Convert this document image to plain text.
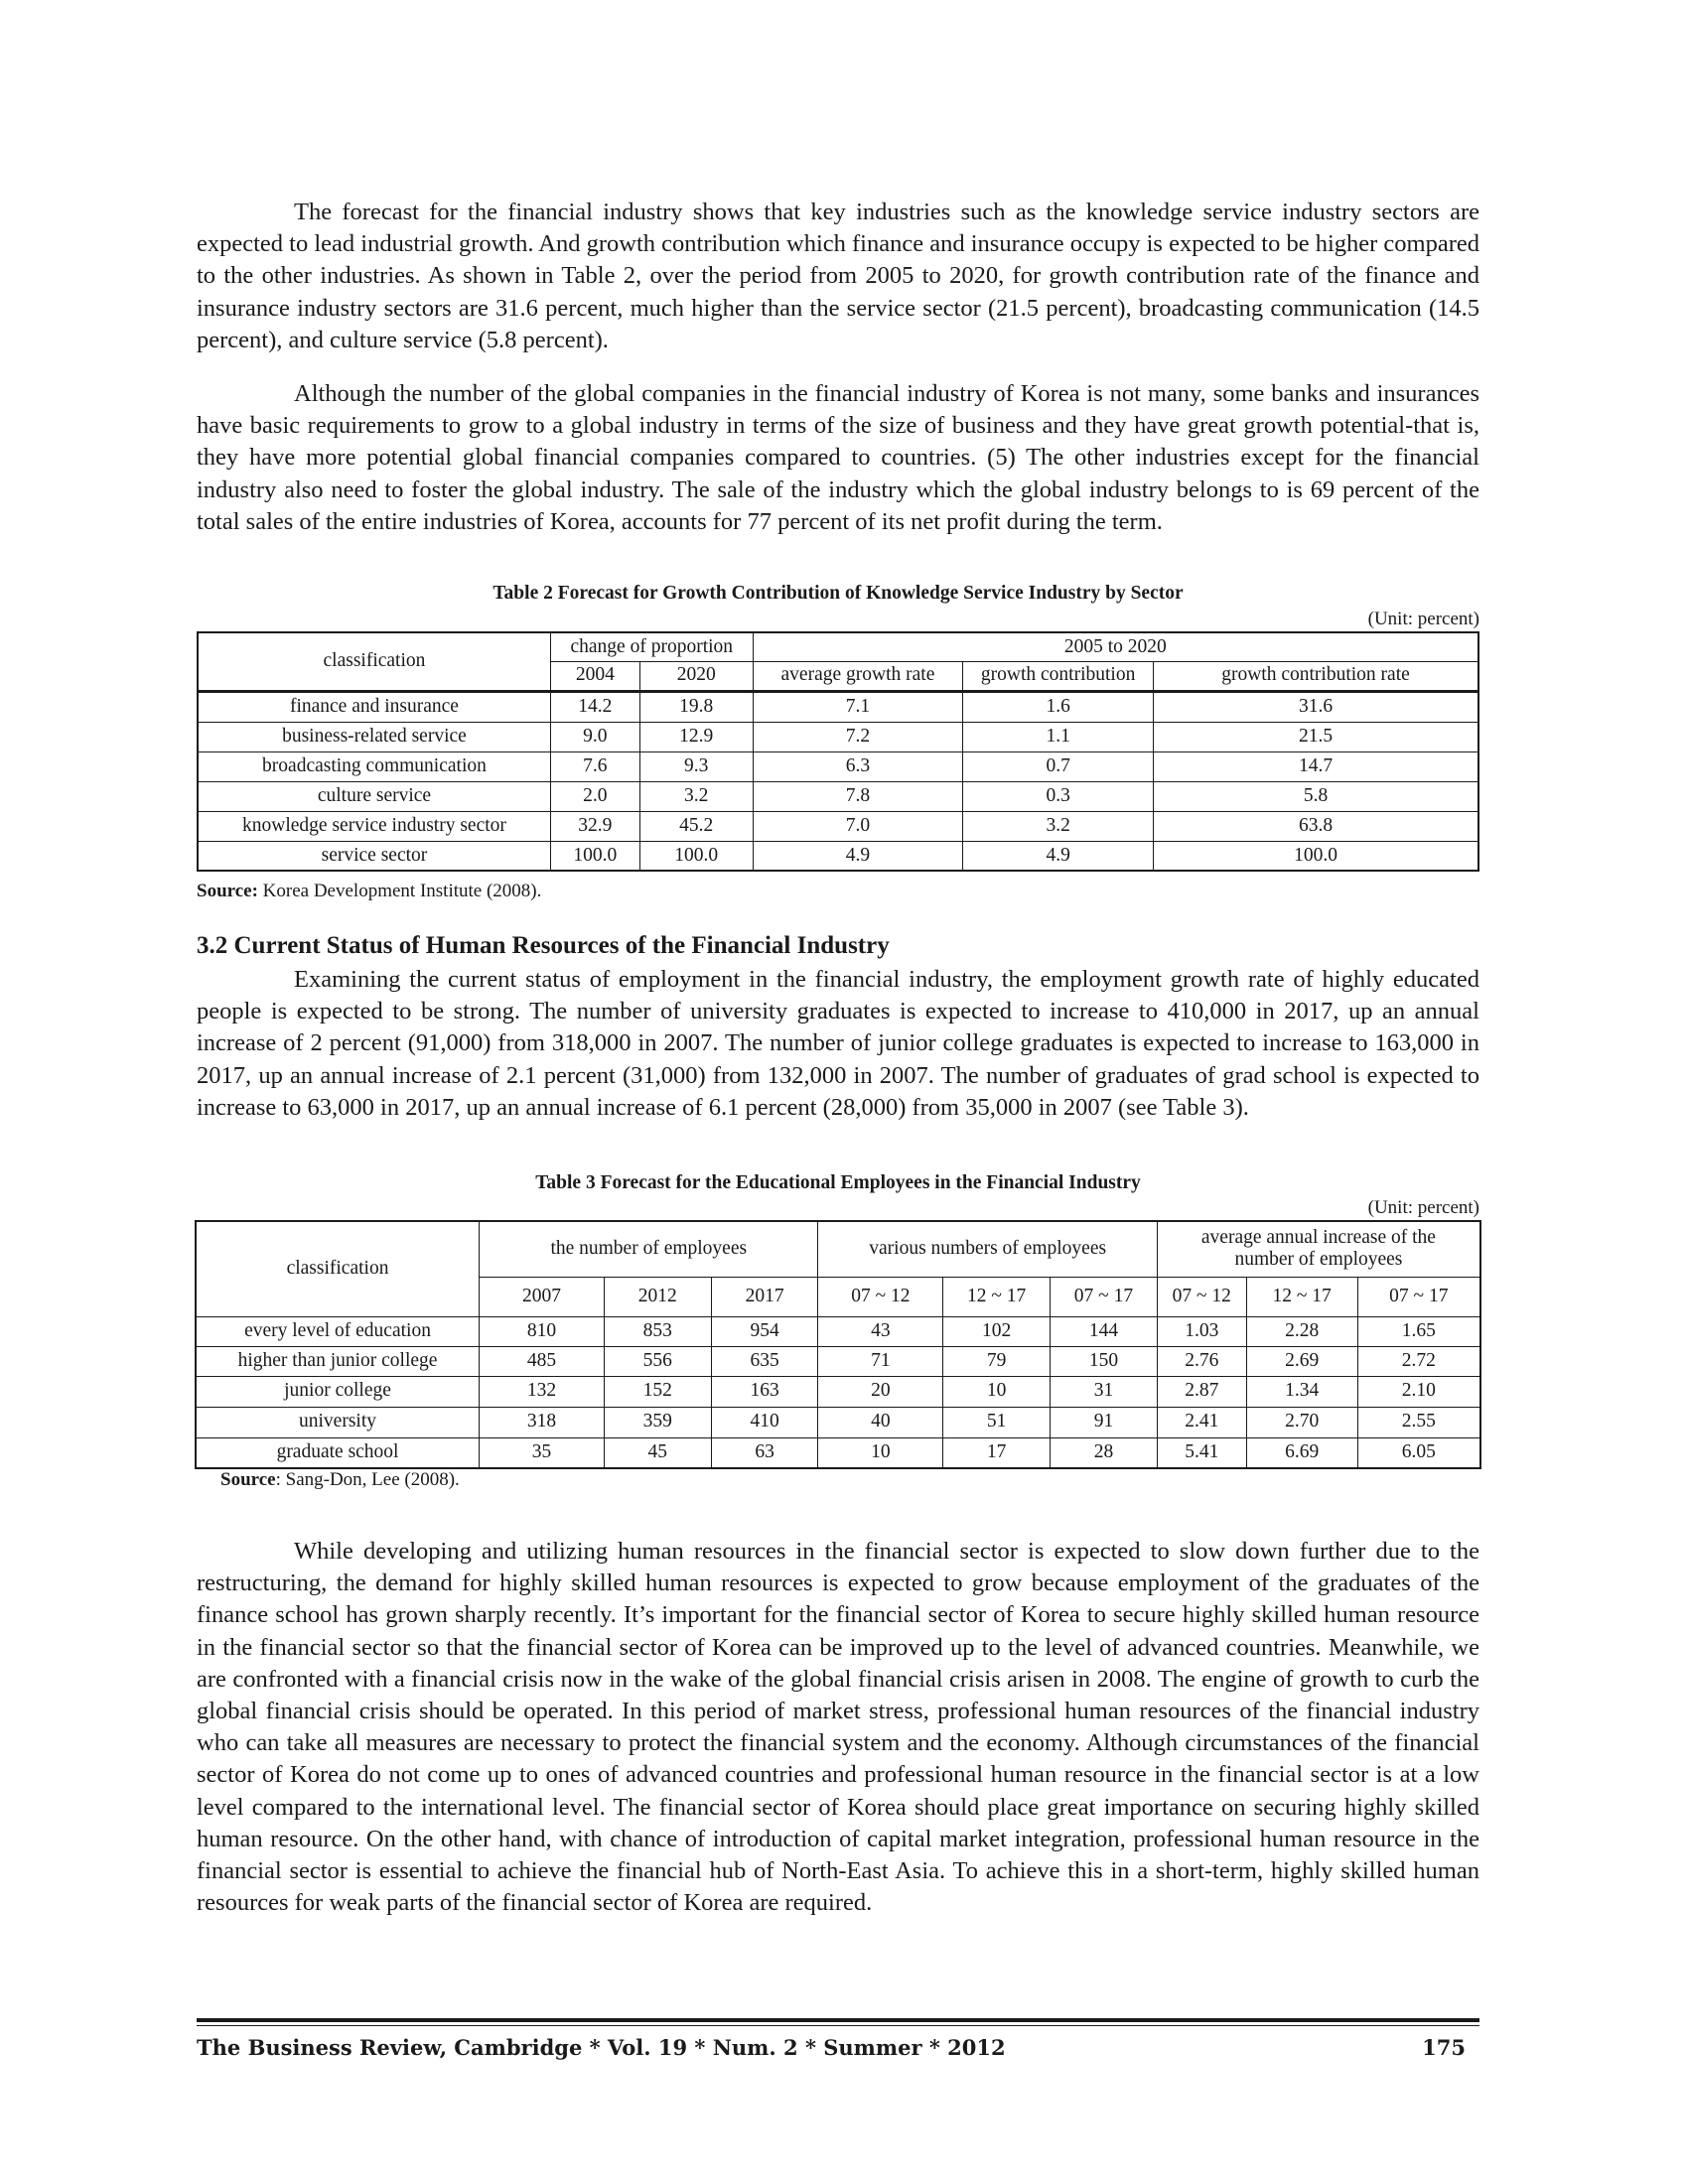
The forecast for the financial industry shows that key industries such as the knowledge service industry sectors are expected to lead industrial growth. And growth contribution which finance and insurance occupy is expected to be higher compared to the other industries. As shown in Table 2, over the period from 2005 to 2020, for growth contribution rate of the finance and insurance industry sectors are 31.6 percent, much higher than the service sector (21.5 percent), broadcasting communication (14.5 percent), and culture service (5.8 percent).

Although the number of the global companies in the financial industry of Korea is not many, some banks and insurances have basic requirements to grow to a global industry in terms of the size of business and they have great growth potential-that is, they have more potential global financial companies compared to countries. (5) The other industries except for the financial industry also need to foster the global industry. The sale of the industry which the global industry belongs to is 69 percent of the total sales of the entire industries of Korea, accounts for 77 percent of its net profit during the term.

Table 2 Forecast for Growth Contribution of Knowledge Service Industry by Sector
(Unit: percent)
classification	change of proportion		2005 to 2020		
	2004	2020	average growth rate	growth contribution	growth contribution rate
finance and insurance	14.2	19.8	7.1	1.6	31.6
business-related service	9.0	12.9	7.2	1.1	21.5
broadcasting communication	7.6	9.3	6.3	0.7	14.7
culture service	2.0	3.2	7.8	0.3	5.8
knowledge service industry sector	32.9	45.2	7.0	3.2	63.8
service sector	100.0	100.0	4.9	4.9	100.0
Source: Korea Development Institute (2008).
3.2 Current Status of Human Resources of the Financial Industry

Examining the current status of employment in the financial industry, the employment growth rate of highly educated people is expected to be strong. The number of university graduates is expected to increase to 410,000 in 2017, up an annual increase of 2 percent (91,000) from 318,000 in 2007. The number of junior college graduates is expected to increase to 163,000 in 2017, up an annual increase of 2.1 percent (31,000) from 132,000 in 2007. The number of graduates of grad school is expected to increase to 63,000 in 2017, up an annual increase of 6.1 percent (28,000) from 35,000 in 2007 (see Table 3).

Table 3 Forecast for the Educational Employees in the Financial Industry
(Unit: percent)
classification	the number of employees			various numbers of employees			average annual increase of the number of employees		
	2007	2012	2017	07 ~ 12	12 ~ 17	07 ~ 17	07 ~ 12	12 ~ 17	07 ~ 17
every level of education	810	853	954	43	102	144	1.03	2.28	1.65
higher than junior college	485	556	635	71	79	150	2.76	2.69	2.72
junior college	132	152	163	20	10	31	2.87	1.34	2.10
university	318	359	410	40	51	91	2.41	2.70	2.55
graduate school	35	45	63	10	17	28	5.41	6.69	6.05
Source: Sang-Don, Lee (2008).

While developing and utilizing human resources in the financial sector is expected to slow down further due to the restructuring, the demand for highly skilled human resources is expected to grow because employment of the graduates of the finance school has grown sharply recently. It’s important for the financial sector of Korea to secure highly skilled human resource in the financial sector so that the financial sector of Korea can be improved up to the level of advanced countries. Meanwhile, we are confronted with a financial crisis now in the wake of the global financial crisis arisen in 2008. The engine of growth to curb the global financial crisis should be operated. In this period of market stress, professional human resources of the financial industry who can take all measures are necessary to protect the financial system and the economy. Although circumstances of the financial sector of Korea do not come up to ones of advanced countries and professional human resource in the financial sector is at a low level compared to the international level. The financial sector of Korea should place great importance on securing highly skilled human resource. On the other hand, with chance of introduction of capital market integration, professional human resource in the financial sector is essential to achieve the financial hub of North-East Asia. To achieve this in a short-term, highly skilled human resources for weak parts of the financial sector of Korea are required.

The Business Review, Cambridge * Vol. 19 * Num. 2 * Summer * 2012	175
